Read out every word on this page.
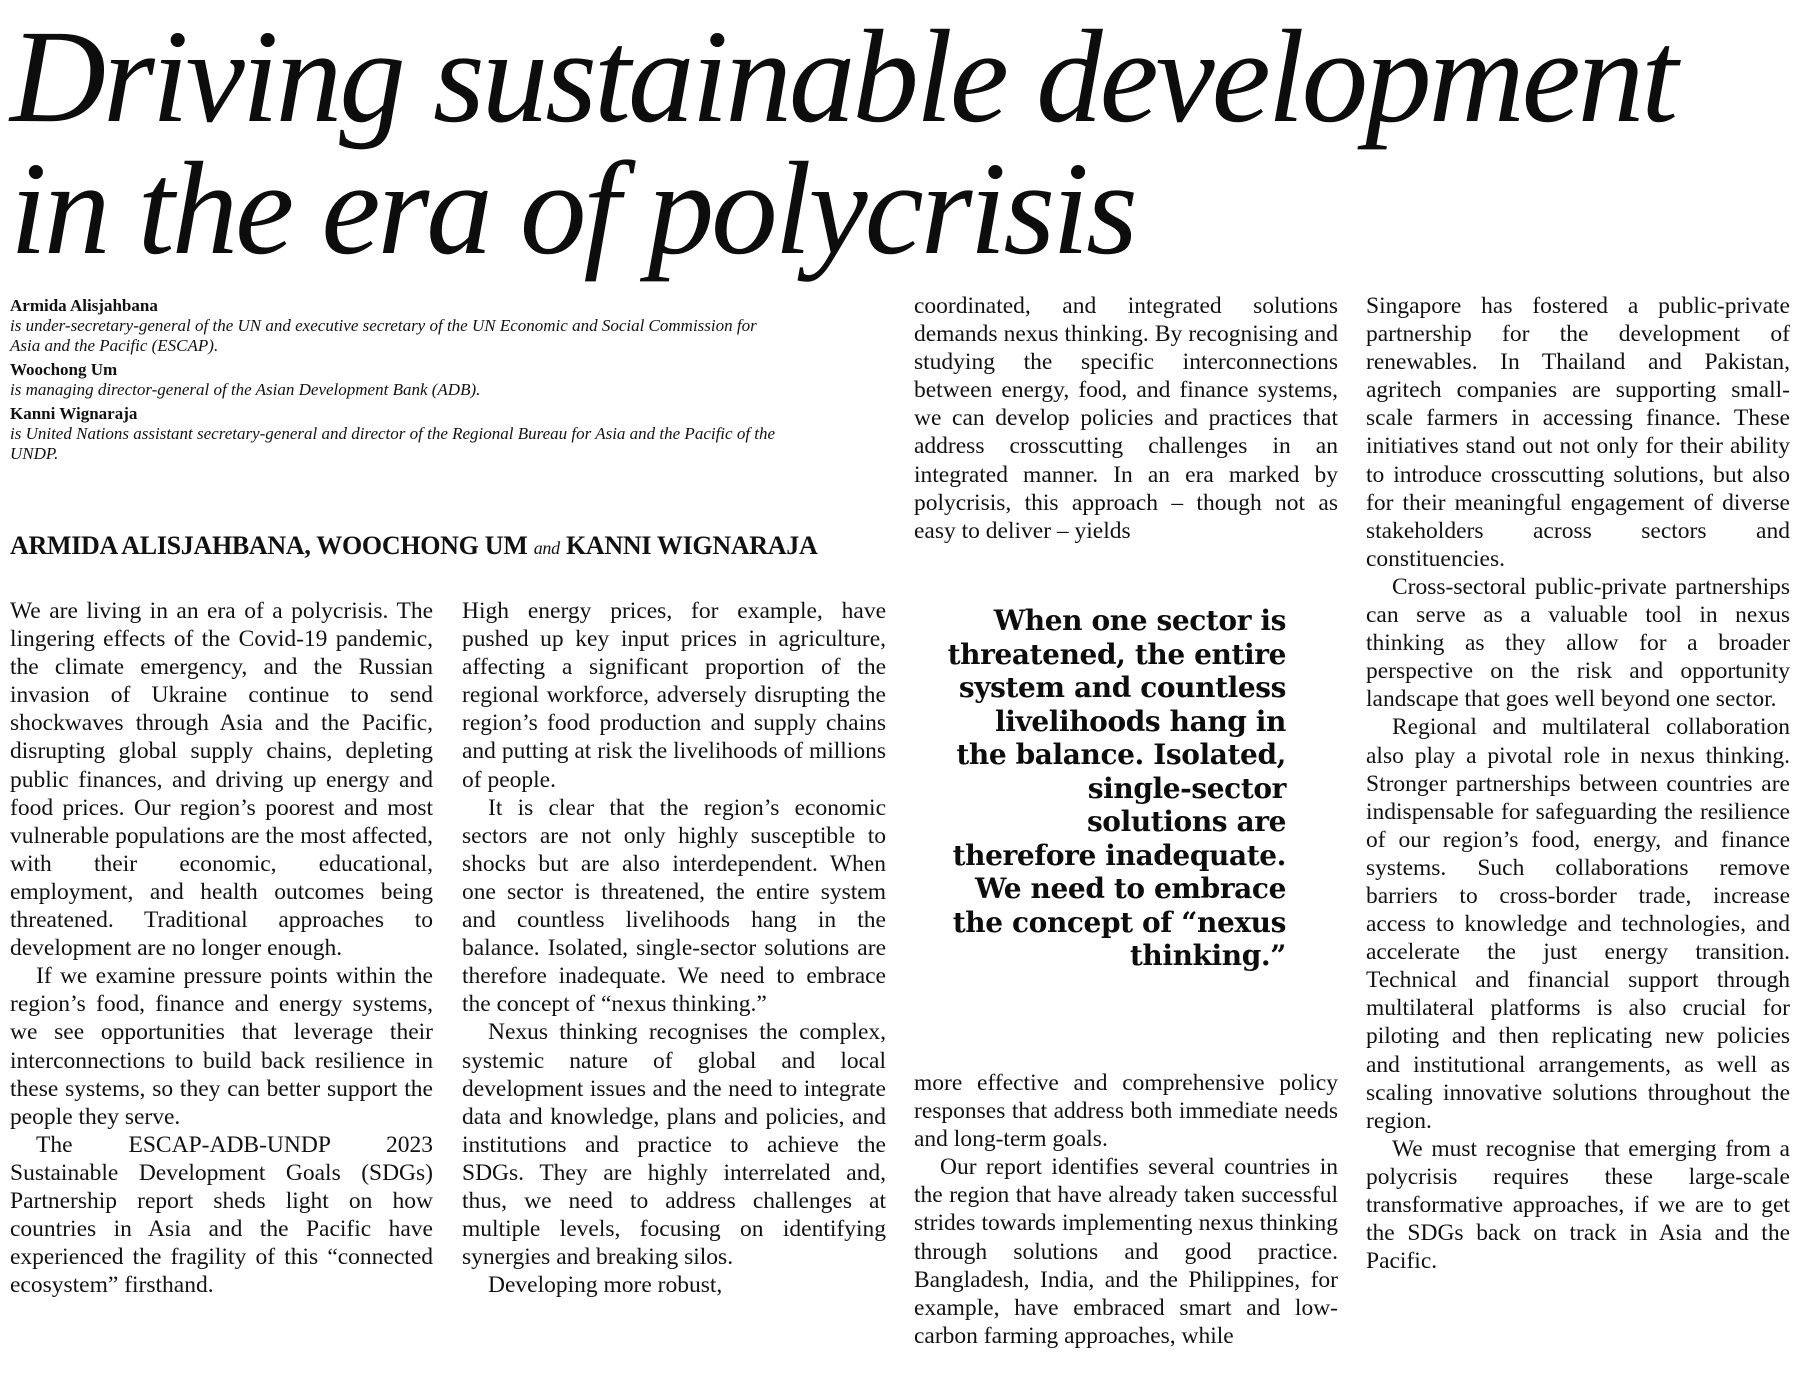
Driving sustainable development in the era of polycrisis
Armida Alisjahbana
is under-secretary-general of the UN and executive secretary of the UN Economic and Social Commission for Asia and the Pacific (ESCAP).
Woochong Um
is managing director-general of the Asian Development Bank (ADB).
Kanni Wignaraja
is United Nations assistant secretary-general and director of the Regional Bureau for Asia and the Pacific of the UNDP.
ARMIDA ALISJAHBANA, WOOCHONG UM and KANNI WIGNARAJA

We are living in an era of a polycrisis. The lingering effects of the Covid-19 pandemic, the climate emergency, and the Russian invasion of Ukraine continue to send shockwaves through Asia and the Pacific, disrupting global supply chains, depleting public finances, and driving up energy and food prices. Our region’s poorest and most vulnerable populations are the most affected, with their economic, educational, employment, and health outcomes being threatened. Traditional approaches to development are no longer enough.

If we examine pressure points within the region’s food, finance and energy systems, we see opportunities that leverage their interconnections to build back resilience in these systems, so they can better support the people they serve.

The ESCAP-ADB-UNDP 2023 Sustainable Development Goals (SDGs) Partnership report sheds light on how countries in Asia and the Pacific have experienced the fragility of this “connected ecosystem” firsthand.

High energy prices, for example, have pushed up key input prices in agriculture, affecting a significant proportion of the regional workforce, adversely disrupting the region’s food production and supply chains and putting at risk the livelihoods of millions of people.

It is clear that the region’s economic sectors are not only highly susceptible to shocks but are also interdependent. When one sector is threatened, the entire system and countless livelihoods hang in the balance. Isolated, single-sector solutions are therefore inadequate. We need to embrace the concept of “nexus thinking.”

Nexus thinking recognises the complex, systemic nature of global and local development issues and the need to integrate data and knowledge, plans and policies, and institutions and practice to achieve the SDGs. They are highly interrelated and, thus, we need to address challenges at multiple levels, focusing on identifying synergies and breaking silos.

Developing more robust,

coordinated, and integrated solutions demands nexus thinking. By recognising and studying the specific interconnections between energy, food, and finance systems, we can develop policies and practices that address crosscutting challenges in an integrated manner. In an era marked by polycrisis, this approach – though not as easy to deliver – yields

When one sector is threatened, the entire system and countless livelihoods hang in the balance. Isolated, single-sector solutions are therefore inadequate. We need to embrace the concept of “nexus thinking.”

more effective and comprehensive policy responses that address both immediate needs and long-term goals.

Our report identifies several countries in the region that have already taken successful strides towards implementing nexus thinking through solutions and good practice. Bangladesh, India, and the Philippines, for example, have embraced smart and low-carbon farming approaches, while

Singapore has fostered a public-private partnership for the development of renewables. In Thailand and Pakistan, agritech companies are supporting small-scale farmers in accessing finance. These initiatives stand out not only for their ability to introduce crosscutting solutions, but also for their meaningful engagement of diverse stakeholders across sectors and constituencies.

Cross-sectoral public-private partnerships can serve as a valuable tool in nexus thinking as they allow for a broader perspective on the risk and opportunity landscape that goes well beyond one sector.

Regional and multilateral collaboration also play a pivotal role in nexus thinking. Stronger partnerships between countries are indispensable for safeguarding the resilience of our region’s food, energy, and finance systems. Such collaborations remove barriers to cross-border trade, increase access to knowledge and technologies, and accelerate the just energy transition. Technical and financial support through multilateral platforms is also crucial for piloting and then replicating new policies and institutional arrangements, as well as scaling innovative solutions throughout the region.

We must recognise that emerging from a polycrisis requires these large-scale transformative approaches, if we are to get the SDGs back on track in Asia and the Pacific.
